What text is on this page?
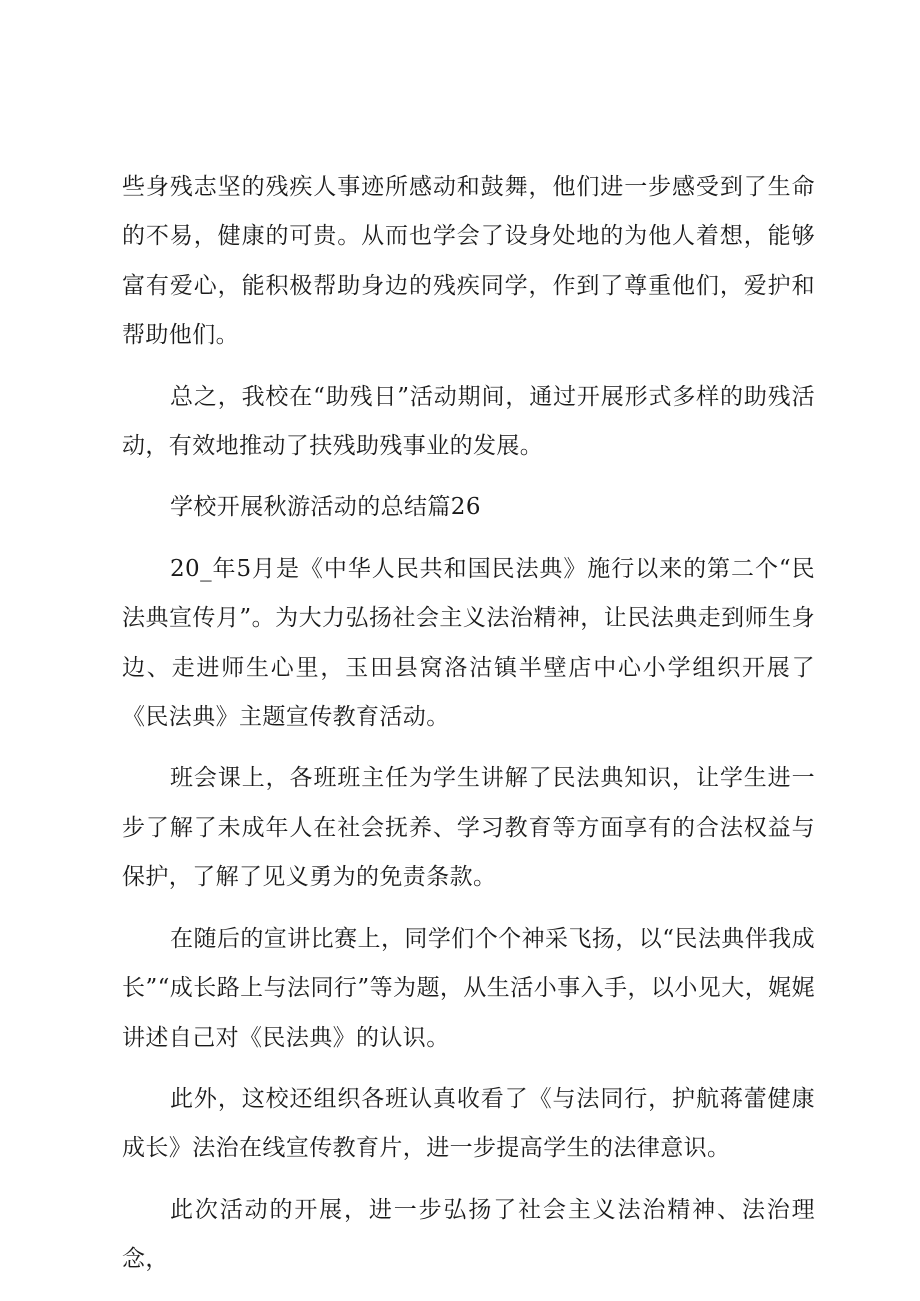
些身残志坚的残疾人事迹所感动和鼓舞，他们进一步感受到了生命的不易，健康的可贵。从而也学会了设身处地的为他人着想，能够富有爱心，能积极帮助身边的残疾同学，作到了尊重他们，爱护和帮助他们。

总之，我校在“助残日”活动期间，通过开展形式多样的助残活动，有效地推动了扶残助残事业的发展。

学校开展秋游活动的总结篇26

20_年5月是《中华人民共和国民法典》施行以来的第二个“民法典宣传月”。为大力弘扬社会主义法治精神，让民法典走到师生身边、走进师生心里，玉田县窝洛沽镇半壁店中心小学组织开展了《民法典》主题宣传教育活动。

班会课上，各班班主任为学生讲解了民法典知识，让学生进一步了解了未成年人在社会抚养、学习教育等方面享有的合法权益与保护，了解了见义勇为的免责条款。

在随后的宣讲比赛上，同学们个个神采飞扬，以“民法典伴我成长”“成长路上与法同行”等为题，从生活小事入手，以小见大，娓娓讲述自己对《民法典》的认识。

此外，这校还组织各班认真收看了《与法同行，护航蒋蕾健康成长》法治在线宣传教育片，进一步提高学生的法律意识。

此次活动的开展，进一步弘扬了社会主义法治精神、法治理念，
